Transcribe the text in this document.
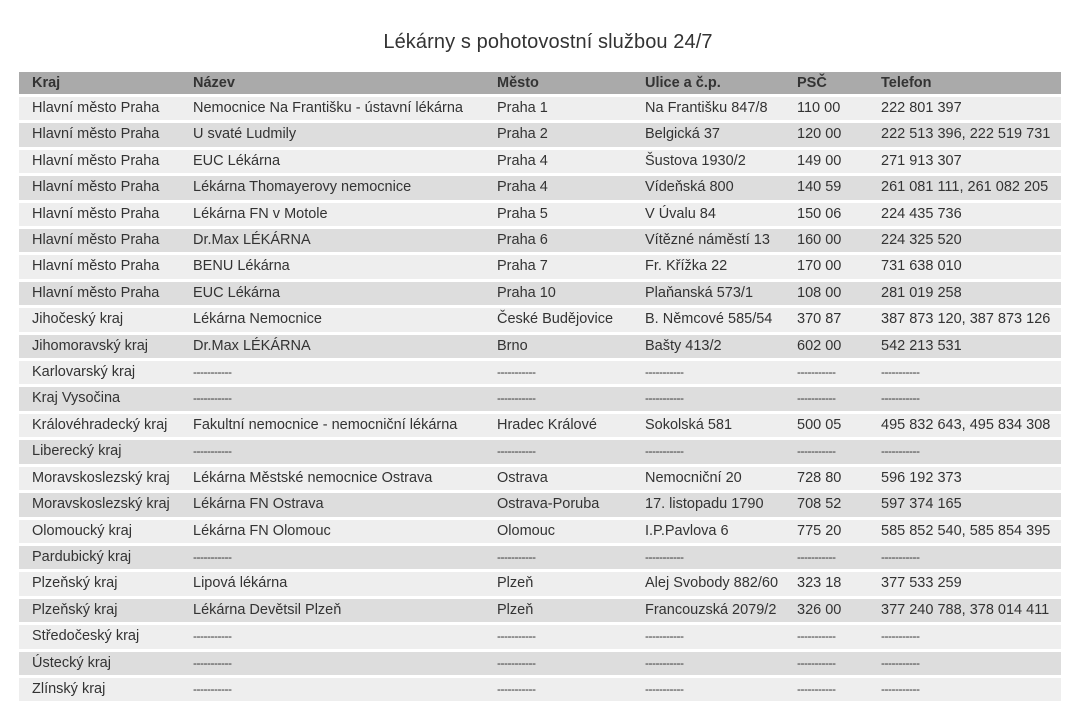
Lékárny s pohotovostní službou 24/7
Kraj	Název	Město	Ulice a č.p.	PSČ	Telefon
Hlavní město Praha	Nemocnice Na Františku - ústavní lékárna	Praha 1	Na Františku 847/8	110 00	222 801 397
Hlavní město Praha	U svaté Ludmily	Praha 2	Belgická 37	120 00	222 513 396, 222 519 731
Hlavní město Praha	EUC Lékárna	Praha 4	Šustova 1930/2	149 00	271 913 307
Hlavní město Praha	Lékárna Thomayerovy nemocnice	Praha 4	Vídeňská 800	140 59	261 081 111, 261 082 205
Hlavní město Praha	Lékárna FN v Motole	Praha 5	V Úvalu 84	150 06	224 435 736
Hlavní město Praha	Dr.Max LÉKÁRNA	Praha 6	Vítězné náměstí 13	160 00	224 325 520
Hlavní město Praha	BENU Lékárna	Praha 7	Fr. Křížka 22	170 00	731 638 010
Hlavní město Praha	EUC Lékárna	Praha 10	Plaňanská 573/1	108 00	281 019 258
Jihočeský kraj	Lékárna Nemocnice	České Budějovice	B. Němcové 585/54	370 87	387 873 120, 387 873 126
Jihomoravský kraj	Dr.Max LÉKÁRNA	Brno	Bašty 413/2	602 00	542 213 531
Karlovarský kraj	-----------	-----------	-----------	-----------	-----------
Kraj Vysočina	-----------	-----------	-----------	-----------	-----------
Královéhradecký kraj	Fakultní nemocnice - nemocniční lékárna	Hradec Králové	Sokolská 581	500 05	495 832 643, 495 834 308
Liberecký kraj	-----------	-----------	-----------	-----------	-----------
Moravskoslezský kraj	Lékárna Městské nemocnice Ostrava	Ostrava	Nemocniční 20	728 80	596 192 373
Moravskoslezský kraj	Lékárna FN Ostrava	Ostrava-Poruba	17. listopadu 1790	708 52	597 374 165
Olomoucký kraj	Lékárna FN Olomouc	Olomouc	I.P.Pavlova 6	775 20	585 852 540, 585 854 395
Pardubický kraj	-----------	-----------	-----------	-----------	-----------
Plzeňský kraj	Lipová lékárna	Plzeň	Alej Svobody 882/60	323 18	377 533 259
Plzeňský kraj	Lékárna Devětsil Plzeň	Plzeň	Francouzská 2079/2	326 00	377 240 788, 378 014 411
Středočeský kraj	-----------	-----------	-----------	-----------	-----------
Ústecký kraj	-----------	-----------	-----------	-----------	-----------
Zlínský kraj	-----------	-----------	-----------	-----------	-----------
